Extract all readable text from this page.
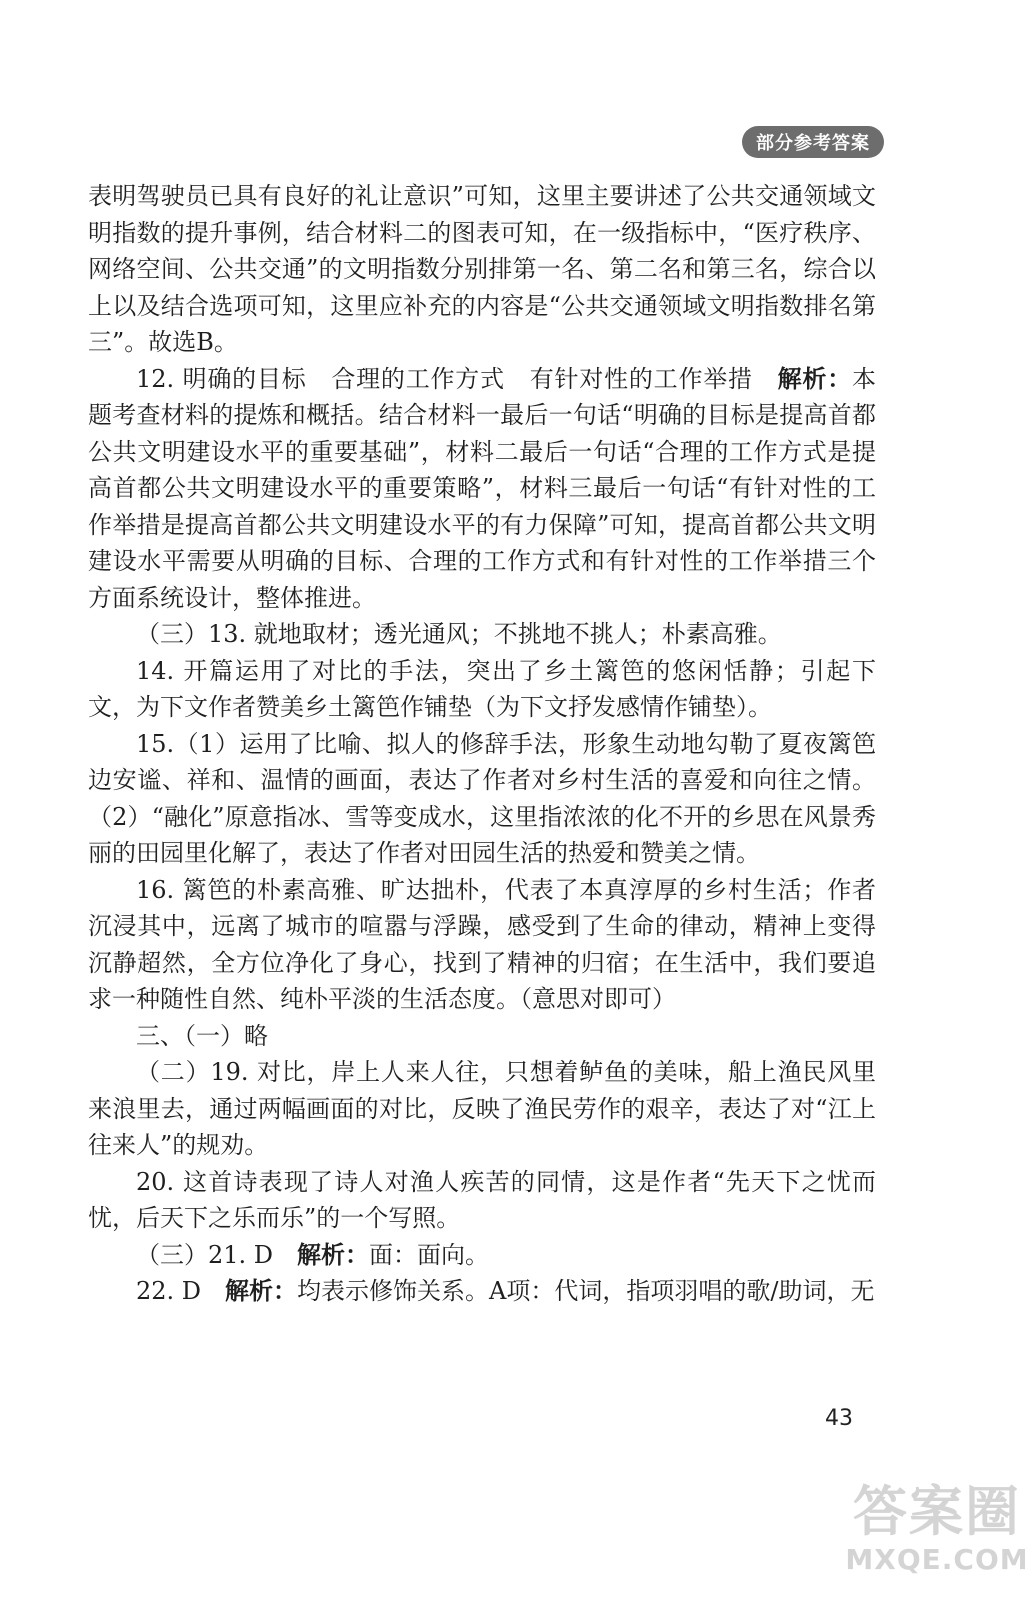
部分参考答案

表明驾驶员已具有良好的礼让意识”可知，这里主要讲述了公共交通领域文明指数的提升事例，结合材料二的图表可知，在一级指标中，“医疗秩序、网络空间、公共交通”的文明指数分别排第一名、第二名和第三名，综合以上以及结合选项可知，这里应补充的内容是“公共交通领域文明指数排名第三”。故选B。

12. 明确的目标　合理的工作方式　有针对性的工作举措　解析：本题考查材料的提炼和概括。结合材料一最后一句话“明确的目标是提高首都公共文明建设水平的重要基础”，材料二最后一句话“合理的工作方式是提高首都公共文明建设水平的重要策略”，材料三最后一句话“有针对性的工作举措是提高首都公共文明建设水平的有力保障”可知，提高首都公共文明建设水平需要从明确的目标、合理的工作方式和有针对性的工作举措三个方面系统设计，整体推进。

（三）13. 就地取材；透光通风；不挑地不挑人；朴素高雅。

14. 开篇运用了对比的手法，突出了乡土篱笆的悠闲恬静；引起下文，为下文作者赞美乡土篱笆作铺垫（为下文抒发感情作铺垫）。

15.（1）运用了比喻、拟人的修辞手法，形象生动地勾勒了夏夜篱笆边安谧、祥和、温情的画面，表达了作者对乡村生活的喜爱和向往之情。（2）“融化”原意指冰、雪等变成水，这里指浓浓的化不开的乡思在风景秀丽的田园里化解了，表达了作者对田园生活的热爱和赞美之情。

16. 篱笆的朴素高雅、旷达拙朴，代表了本真淳厚的乡村生活；作者沉浸其中，远离了城市的喧嚣与浮躁，感受到了生命的律动，精神上变得沉静超然，全方位净化了身心，找到了精神的归宿；在生活中，我们要追求一种随性自然、纯朴平淡的生活态度。（意思对即可）

三、（一）略

（二）19. 对比，岸上人来人往，只想着鲈鱼的美味，船上渔民风里来浪里去，通过两幅画面的对比，反映了渔民劳作的艰辛，表达了对“江上往来人”的规劝。

20. 这首诗表现了诗人对渔人疾苦的同情，这是作者“先天下之忧而忧，后天下之乐而乐”的一个写照。

（三）21. D　解析：面：面向。

22. D　解析：均表示修饰关系。A项：代词，指项羽唱的歌/助词，无

43
答案圈
MXQE.COM
